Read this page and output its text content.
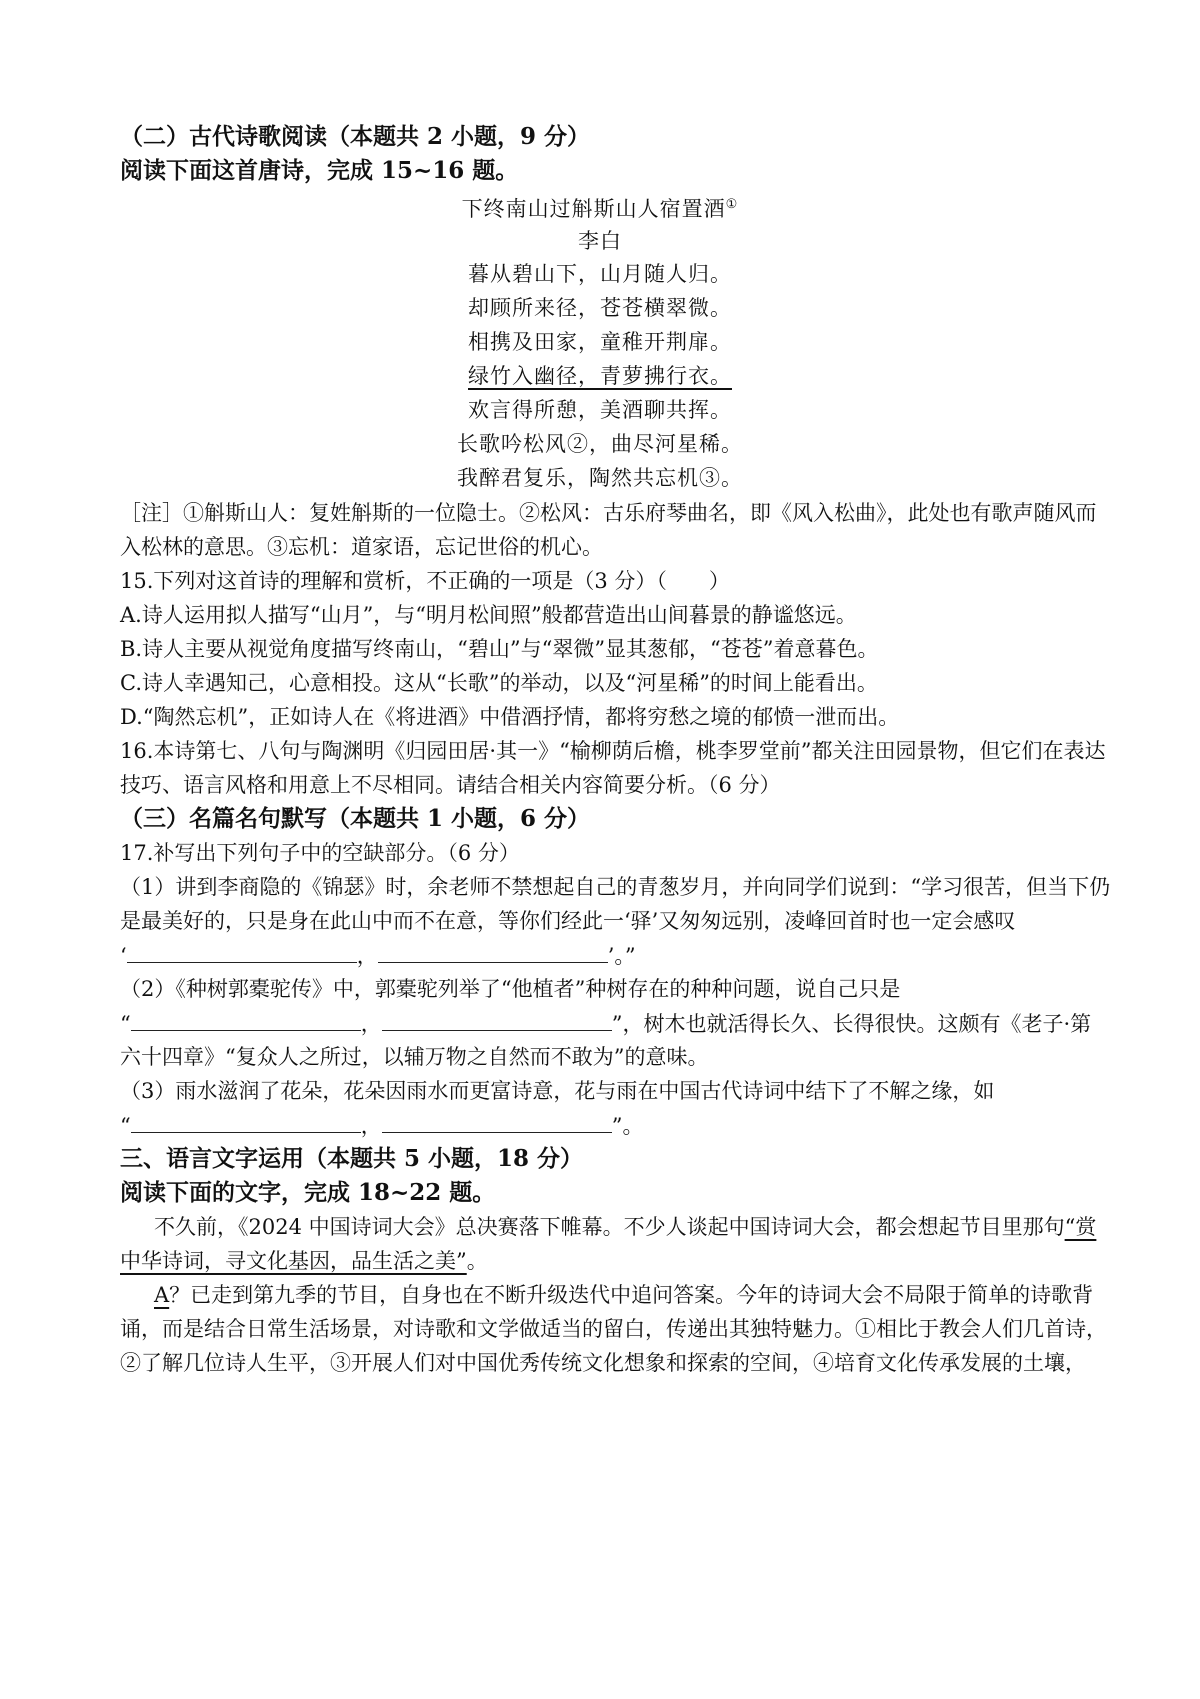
（二）古代诗歌阅读（本题共 2 小题，9 分）
阅读下面这首唐诗，完成 15~16 题。
下终南山过斛斯山人宿置酒①
李白
暮从碧山下，山月随人归。
却顾所来径，苍苍横翠微。
相携及田家，童稚开荆扉。
绿竹入幽径，青萝拂行衣。
欢言得所憩，美酒聊共挥。
长歌吟松风②，曲尽河星稀。
我醉君复乐，陶然共忘机③。
［注］①斛斯山人：复姓斛斯的一位隐士。②松风：古乐府琴曲名，即《风入松曲》，此处也有歌声随风而
入松林的意思。③忘机：道家语，忘记世俗的机心。
15.下列对这首诗的理解和赏析，不正确的一项是（3 分）（　　）
A.诗人运用拟人描写“山月”，与“明月松间照”般都营造出山间暮景的静谧悠远。
B.诗人主要从视觉角度描写终南山，“碧山”与“翠微”显其葱郁，“苍苍”着意暮色。
C.诗人幸遇知己，心意相投。这从“长歌”的举动，以及“河星稀”的时间上能看出。
D.“陶然忘机”，正如诗人在《将进酒》中借酒抒情，都将穷愁之境的郁愤一泄而出。
16.本诗第七、八句与陶渊明《归园田居·其一》“榆柳荫后檐，桃李罗堂前”都关注田园景物，但它们在表达
技巧、语言风格和用意上不尽相同。请结合相关内容简要分析。（6 分）
（三）名篇名句默写（本题共 1 小题，6 分）
17.补写出下列句子中的空缺部分。（6 分）
（1）讲到李商隐的《锦瑟》时，余老师不禁想起自己的青葱岁月，并向同学们说到：“学习很苦，但当下仍
是最美好的，只是身在此山中而不在意，等你们经此一‘驿’又匆匆远别，凌峰回首时也一定会感叹
‘	，	’。”
（2）《种树郭橐驼传》中，郭橐驼列举了“他植者”种树存在的种种问题，说自己只是
“	，	”，树木也就活得长久、长得很快。这颇有《老子·第
六十四章》“复众人之所过，以辅万物之自然而不敢为”的意味。
（3）雨水滋润了花朵，花朵因雨水而更富诗意，花与雨在中国古代诗词中结下了不解之缘，如
“	，	”。
三、语言文字运用（本题共 5 小题，18 分）
阅读下面的文字，完成 18~22 题。
不久前，《2024 中国诗词大会》总决赛落下帷幕。不少人谈起中国诗词大会，都会想起节目里那句“赏
中华诗词，寻文化基因，品生活之美”。
A？已走到第九季的节目，自身也在不断升级迭代中追问答案。今年的诗词大会不局限于简单的诗歌背
诵，而是结合日常生活场景，对诗歌和文学做适当的留白，传递出其独特魅力。①相比于教会人们几首诗，
②了解几位诗人生平，③开展人们对中国优秀传统文化想象和探索的空间，④培育文化传承发展的土壤，
